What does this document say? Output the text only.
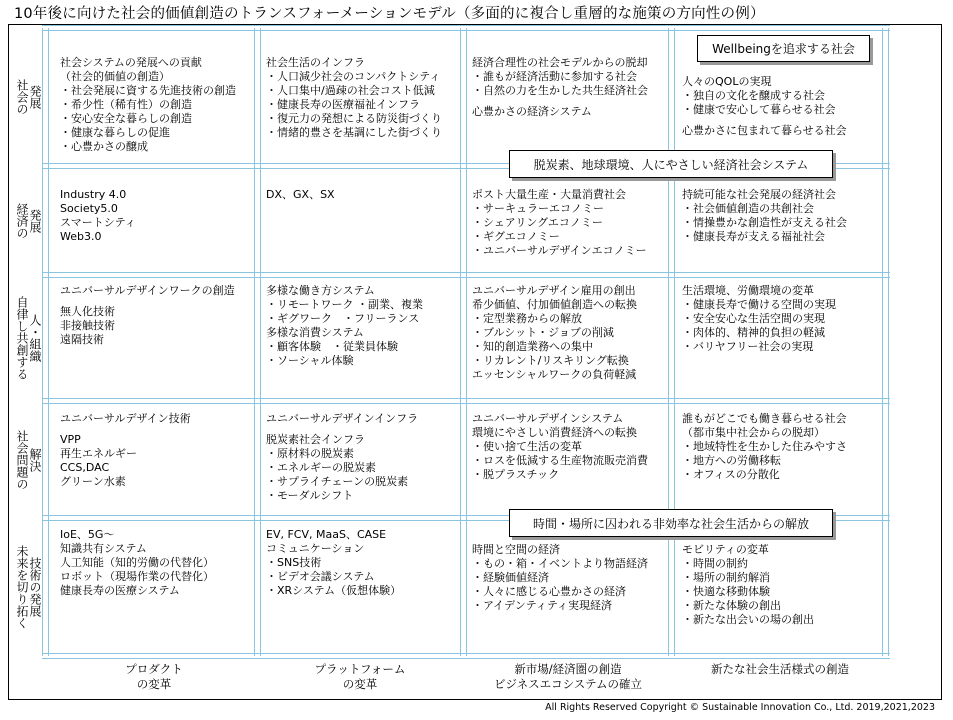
10年後に向けた社会的価値創造のトランスフォーメーションモデル（多面的に複合し重層的な施策の方向性の例）
社会の 発展
経済の 発展
自律し共創する 人・組織
社会問題の 解決
未来を切り拓く 技術の発展
社会システムの発展への貢献
（社会的価値の創造）
・社会発展に資する先進技術の創造
・希少性（稀有性）の創造
・安心安全な暮らしの創造
・健康な暮らしの促進
・心豊かさの醸成
社会生活のインフラ
・人口減少社会のコンパクトシティ
・人口集中/過疎の社会コスト低減
・健康長寿の医療福祉インフラ
・復元力の発想による防災街づくり
・情緒的豊さを基調にした街づくり
経済合理性の社会モデルからの脱却
・誰もが経済活動に参加する社会
・自然の力を生かした共生経済社会
心豊かさの経済システム
人々のQOLの実現
・独自の文化を醸成する社会
・健康で安心して暮らせる社会
心豊かさに包まれて暮らせる社会
Industry 4.0
Society5.0
スマートシティ
Web3.0
DX、GX、SX	ポスト大量生産・大量消費社会
・サーキュラーエコノミー
・シェアリングエコノミー
・ギグエコノミー
・ユニバーサルデザインエコノミー
持続可能な社会発展の経済社会
・社会価値創造の共創社会
・情操豊かな創造性が支える社会
・健康長寿が支える福祉社会
ユニバーサルデザインワークの創造
無人化技術
非接触技術
遠隔技術
多様な働き方システム
・リモートワーク ・副業、複業
・ギグワーク　・フリーランス
多様な消費システム
・顧客体験　・従業員体験
・ソーシャル体験
ユニバーサルデザイン雇用の創出
希少価値、付加価値創造への転換
・定型業務からの解放
・ブルシット・ジョブの削減
・知的創造業務への集中
・リカレント/リスキリング転換
エッセンシャルワークの負荷軽減
生活環境、労働環境の変革
・健康長寿で働ける空間の実現
・安全安心な生活空間の実現
・肉体的、精神的負担の軽減
・バリヤフリー社会の実現
ユニバーサルデザイン技術
VPP
再生エネルギー
CCS,DAC
グリーン水素
ユニバーサルデザインインフラ
脱炭素社会インフラ
・原材料の脱炭素
・エネルギーの脱炭素
・サプライチェーンの脱炭素
・モーダルシフト
ユニバーサルデザインシステム
環境にやさしい消費経済への転換
・使い捨て生活の変革
・ロスを低減する生産物流販売消費
・脱プラスチック
誰もがどこでも働き暮らせる社会
（都市集中社会からの脱却）
・地域特性を生かした住みやすさ
・地方への労働移転
・オフィスの分散化
IoE、5G～
知識共有システム
人工知能（知的労働の代替化）
ロボット（現場作業の代替化）
健康長寿の医療システム
EV, FCV, MaaS、CASE
コミュニケーション
・SNS技術
・ビデオ会議システム
・XRシステム（仮想体験）
時間と空間の経済
・もの・箱・イベントより物語経済
・経験価値経済
・人々に感じる心豊かさの経済
・アイデンティティ実現経済
モビリティの変革
・時間の制約
・場所の制約解消
・快適な移動体験
・新たな体験の創出
・新たな出会いの場の創出
Wellbeingを追求する社会
脱炭素、地球環境、人にやさしい経済社会システム
時間・場所に囚われる非効率な社会生活からの解放
プロダクト
の変革
プラットフォーム
の変革
新市場/経済圏の創造
ビジネスエコシステムの確立
新たな社会生活様式の創造
All Rights Reserved Copyright © Sustainable Innovation Co., Ltd. 2019,2021,2023
